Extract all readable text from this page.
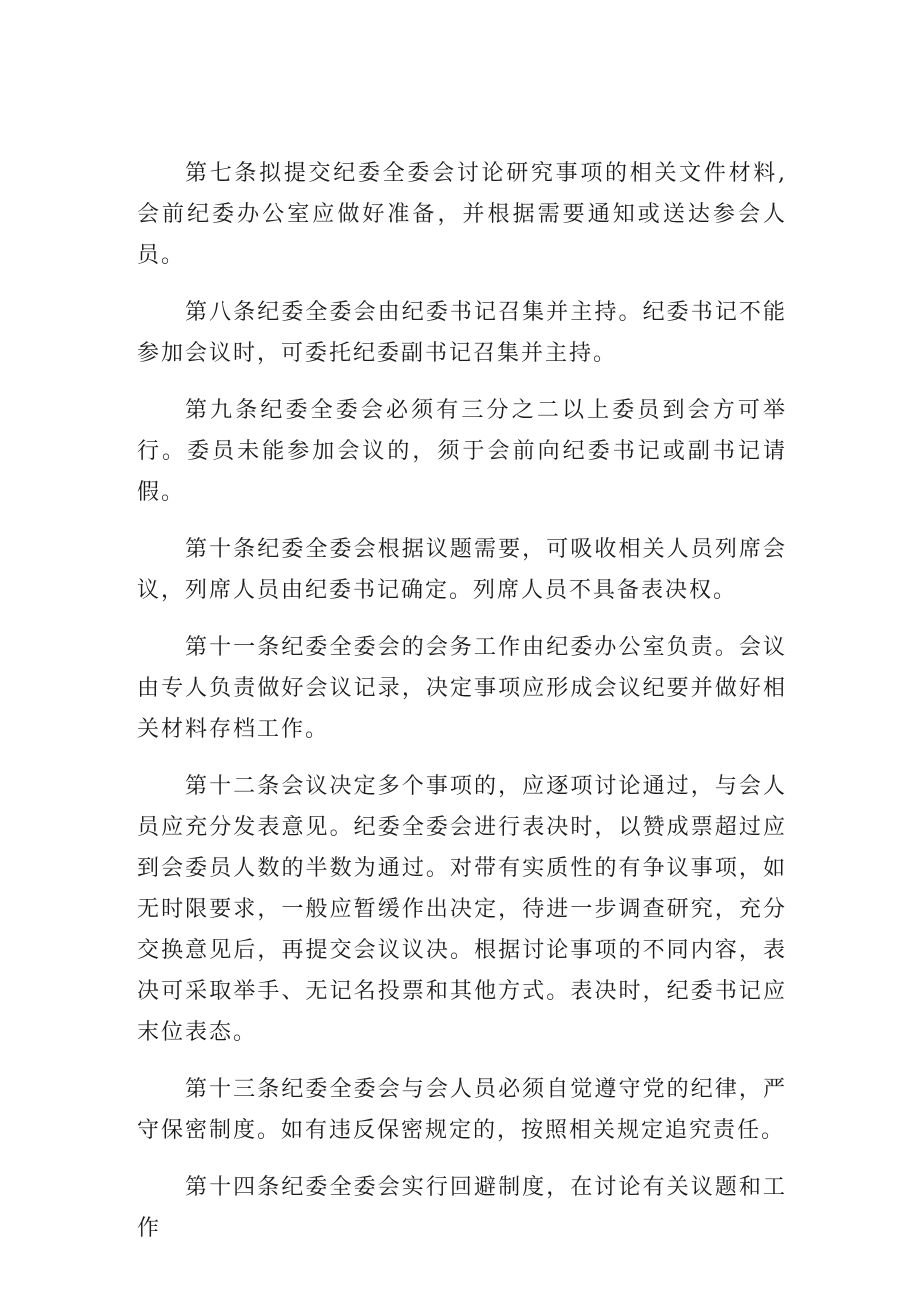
第七条拟提交纪委全委会讨论研究事项的相关文件材料,会前纪委办公室应做好准备，并根据需要通知或送达参会人员。

第八条纪委全委会由纪委书记召集并主持。纪委书记不能参加会议时，可委托纪委副书记召集并主持。

第九条纪委全委会必须有三分之二以上委员到会方可举行。委员未能参加会议的，须于会前向纪委书记或副书记请假。

第十条纪委全委会根据议题需要，可吸收相关人员列席会议，列席人员由纪委书记确定。列席人员不具备表决权。

第十一条纪委全委会的会务工作由纪委办公室负责。会议由专人负责做好会议记录，决定事项应形成会议纪要并做好相关材料存档工作。

第十二条会议决定多个事项的，应逐项讨论通过，与会人员应充分发表意见。纪委全委会进行表决时，以赞成票超过应到会委员人数的半数为通过。对带有实质性的有争议事项，如无时限要求，一般应暂缓作出决定，待进一步调查研究，充分交换意见后，再提交会议议决。根据讨论事项的不同内容，表决可采取举手、无记名投票和其他方式。表决时，纪委书记应末位表态。

第十三条纪委全委会与会人员必须自觉遵守党的纪律，严守保密制度。如有违反保密规定的，按照相关规定追究责任。

第十四条纪委全委会实行回避制度，在讨论有关议题和工作
